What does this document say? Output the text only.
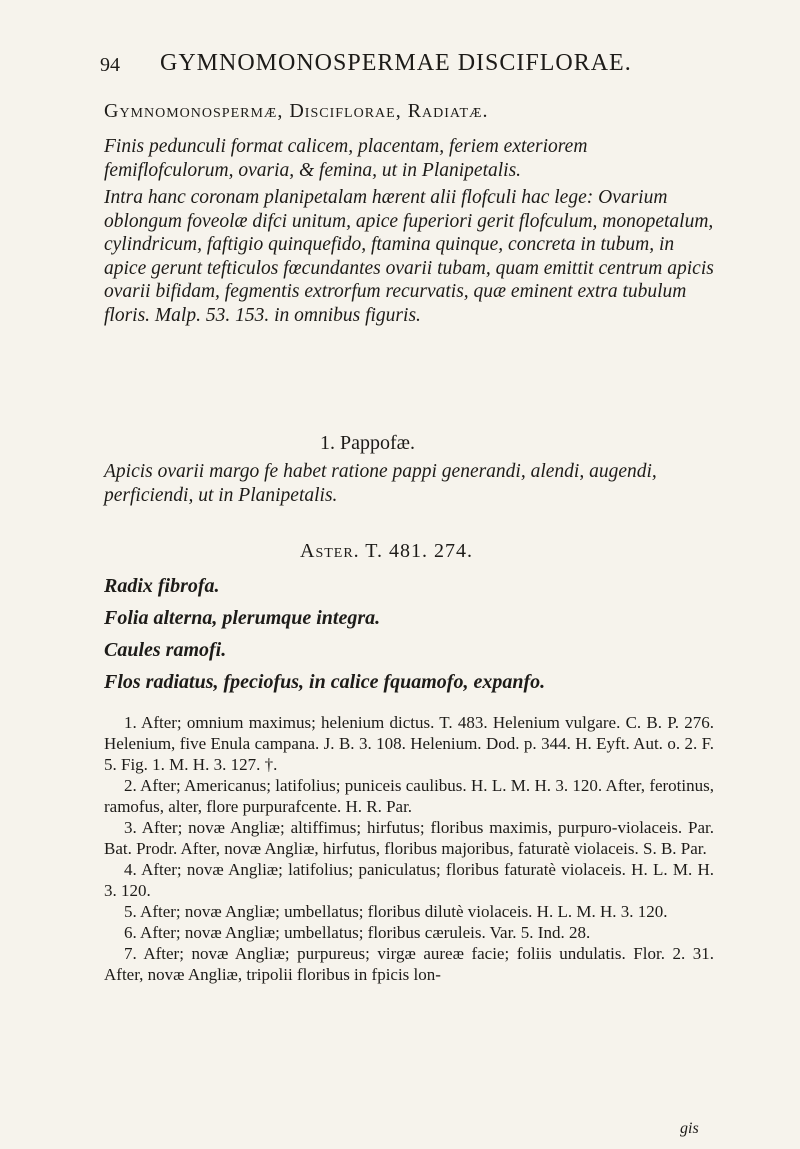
94 GYMNOMONOSPERMAE DISCIFLORAE.
Gymnomonospermæ, Disciflorae, Radiatæ.

Finis pedunculi format calicem, placentam, feriem exteriorem femiflofculorum, ovaria, & femina, ut in Planipetalis.

Intra hanc coronam planipetalam hærent alii flofculi hac lege: Ovarium oblongum foveolæ difci unitum, apice fuperiori gerit flofculum, monopetalum, cylindricum, faftigio quinquefido, ftamina quinque, concreta in tubum, in apice gerunt tefticulos fœcundantes ovarii tubam, quam emittit centrum apicis ovarii bifidam, fegmentis extrorfum recurvatis, quæ eminent extra tubulum floris. Malp. 53. 153. in omnibus figuris.

1. Pappofæ.
Apicis ovarii margo fe habet ratione pappi generandi, alendi, augendi, perficiendi, ut in Planipetalis.
Aster. T. 481. 274.
Radix fibrofa.
Folia alterna, plerumque integra.
Caules ramofi.
Flos radiatus, fpeciofus, in calice fquamofo, expanfo.

1. After; omnium maximus; helenium dictus. T. 483. Helenium vulgare. C. B. P. 276. Helenium, five Enula campana. J. B. 3. 108. Helenium. Dod. p. 344. H. Eyft. Aut. o. 2. F. 5. Fig. 1. M. H. 3. 127. †.

2. After; Americanus; latifolius; puniceis caulibus. H. L. M. H. 3. 120. After, ferotinus, ramofus, alter, flore purpurafcente. H. R. Par.

3. After; novæ Angliæ; altiffimus; hirfutus; floribus maximis, purpuro-violaceis. Par. Bat. Prodr. After, novæ Angliæ, hirfutus, floribus majoribus, faturatè violaceis. S. B. Par.

4. After; novæ Angliæ; latifolius; paniculatus; floribus faturatè violaceis. H. L. M. H. 3. 120.

5. After; novæ Angliæ; umbellatus; floribus dilutè violaceis. H. L. M. H. 3. 120.

6. After; novæ Angliæ; umbellatus; floribus cæruleis. Var. 5. Ind. 28.

7. After; novæ Angliæ; purpureus; virgæ aureæ facie; foliis undulatis. Flor. 2. 31. After, novæ Angliæ, tripolii floribus in fpicis lon-

gis
